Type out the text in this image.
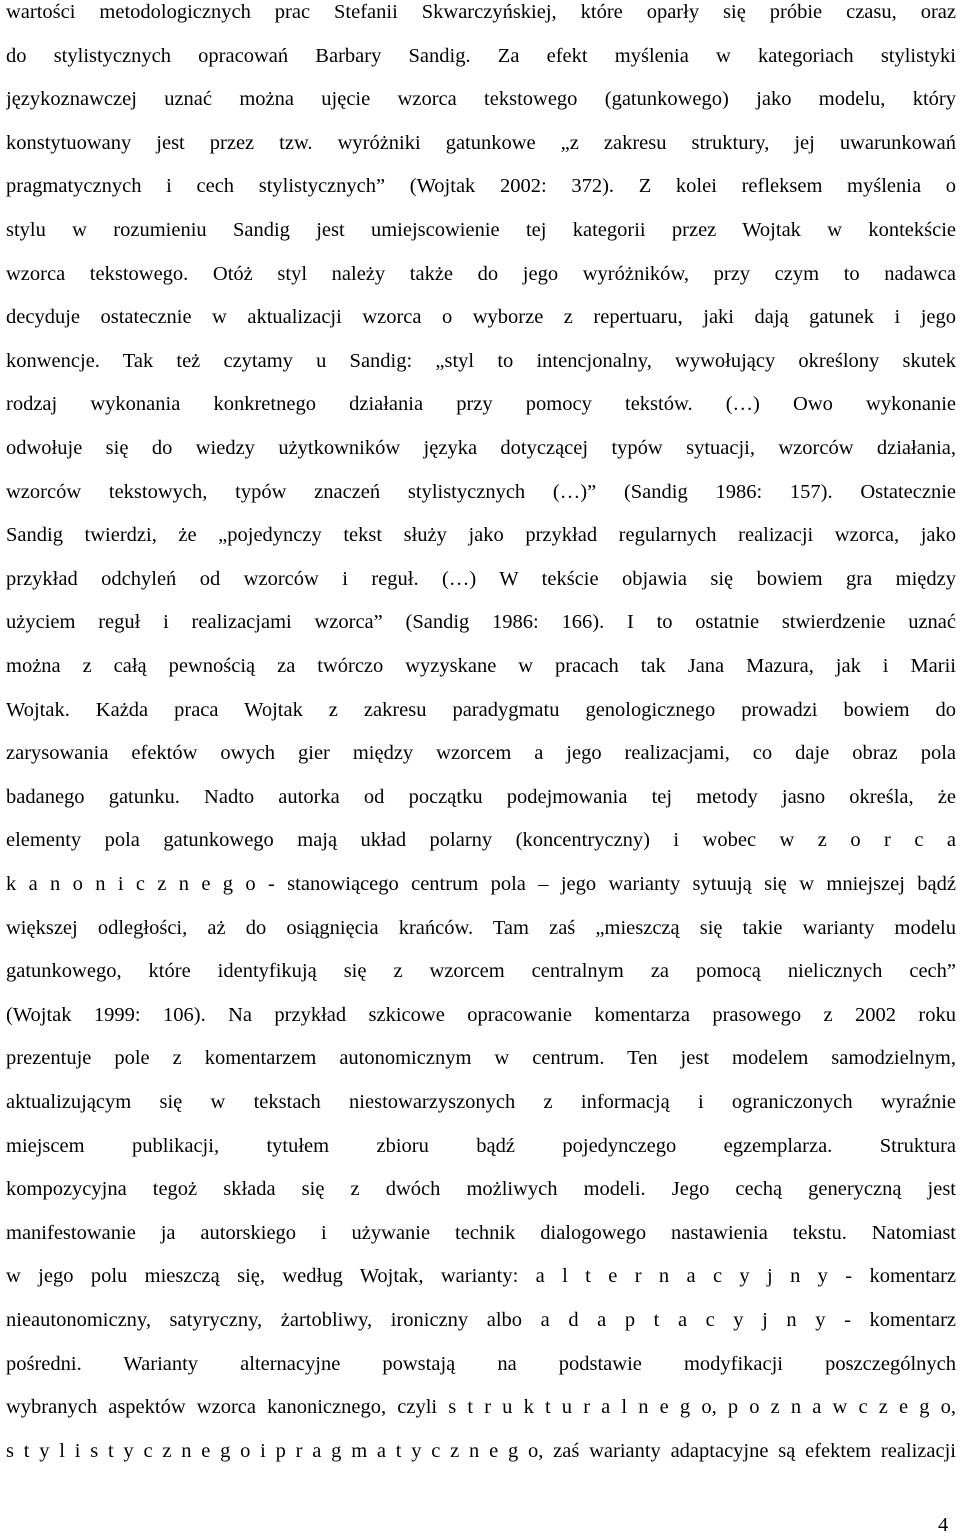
wartości metodologicznych prac Stefanii Skwarczyńskiej, które oparły się próbie czasu, oraz
do stylistycznych opracowań Barbary Sandig. Za efekt myślenia w kategoriach stylistyki
językoznawczej uznać można ujęcie wzorca tekstowego (gatunkowego) jako modelu, który
konstytuowany jest przez tzw. wyróżniki gatunkowe „z zakresu struktury, jej uwarunkowań
pragmatycznych i cech stylistycznych” (Wojtak 2002: 372). Z kolei refleksem myślenia o
stylu w rozumieniu Sandig jest umiejscowienie tej kategorii przez Wojtak w kontekście
wzorca tekstowego. Otóż styl należy także do jego wyróżników, przy czym to nadawca
decyduje ostatecznie w aktualizacji wzorca o wyborze z repertuaru, jaki dają gatunek i jego
konwencje. Tak też czytamy u Sandig: „styl to intencjonalny, wywołujący określony skutek
rodzaj wykonania konkretnego działania przy pomocy tekstów. (…) Owo wykonanie
odwołuje się do wiedzy użytkowników języka dotyczącej typów sytuacji, wzorców działania,
wzorców tekstowych, typów znaczeń stylistycznych (…)” (Sandig 1986: 157). Ostatecznie
Sandig twierdzi, że „pojedynczy tekst służy jako przykład regularnych realizacji wzorca, jako
przykład odchyleń od wzorców i reguł. (…) W tekście objawia się bowiem gra między
użyciem reguł i realizacjami wzorca” (Sandig 1986: 166). I to ostatnie stwierdzenie uznać
można z całą pewnością za twórczo wyzyskane w pracach tak Jana Mazura, jak i Marii
Wojtak. Każda praca Wojtak z zakresu paradygmatu genologicznego prowadzi bowiem do
zarysowania efektów owych gier między wzorcem a jego realizacjami, co daje obraz pola
badanego gatunku. Nadto autorka od początku podejmowania tej metody jasno określa, że
elementy pola gatunkowego mają układ polarny (koncentryczny) i wobec w z o r c a
k a n o n i c z n e g o - stanowiącego centrum pola – jego warianty sytuują się w mniejszej bądź
większej odległości, aż do osiągnięcia krańców. Tam zaś „mieszczą się takie warianty modelu
gatunkowego, które identyfikują się z wzorcem centralnym za pomocą nielicznych cech”
(Wojtak 1999: 106). Na przykład szkicowe opracowanie komentarza prasowego z 2002 roku
prezentuje pole z komentarzem autonomicznym w centrum. Ten jest modelem samodzielnym,
aktualizującym się w tekstach niestowarzyszonych z informacją i ograniczonych wyraźnie
miejscem publikacji, tytułem zbioru bądź pojedynczego egzemplarza. Struktura
kompozycyjna tegoż składa się z dwóch możliwych modeli. Jego cechą generyczną jest
manifestowanie ja autorskiego i używanie technik dialogowego nastawienia tekstu. Natomiast
w jego polu mieszczą się, według Wojtak, warianty: a l t e r n a c y j n y - komentarz
nieautonomiczny, satyryczny, żartobliwy, ironiczny albo a d a p t a c y j n y - komentarz
pośredni. Warianty alternacyjne powstają na podstawie modyfikacji poszczególnych
wybranych aspektów wzorca kanonicznego, czyli s t r u k t u r a l n e g o, p o z n a w c z e g o,
s t y l i s t y c z n e g o i p r a g m a t y c z n e g o, zaś warianty adaptacyjne są efektem realizacji
4
